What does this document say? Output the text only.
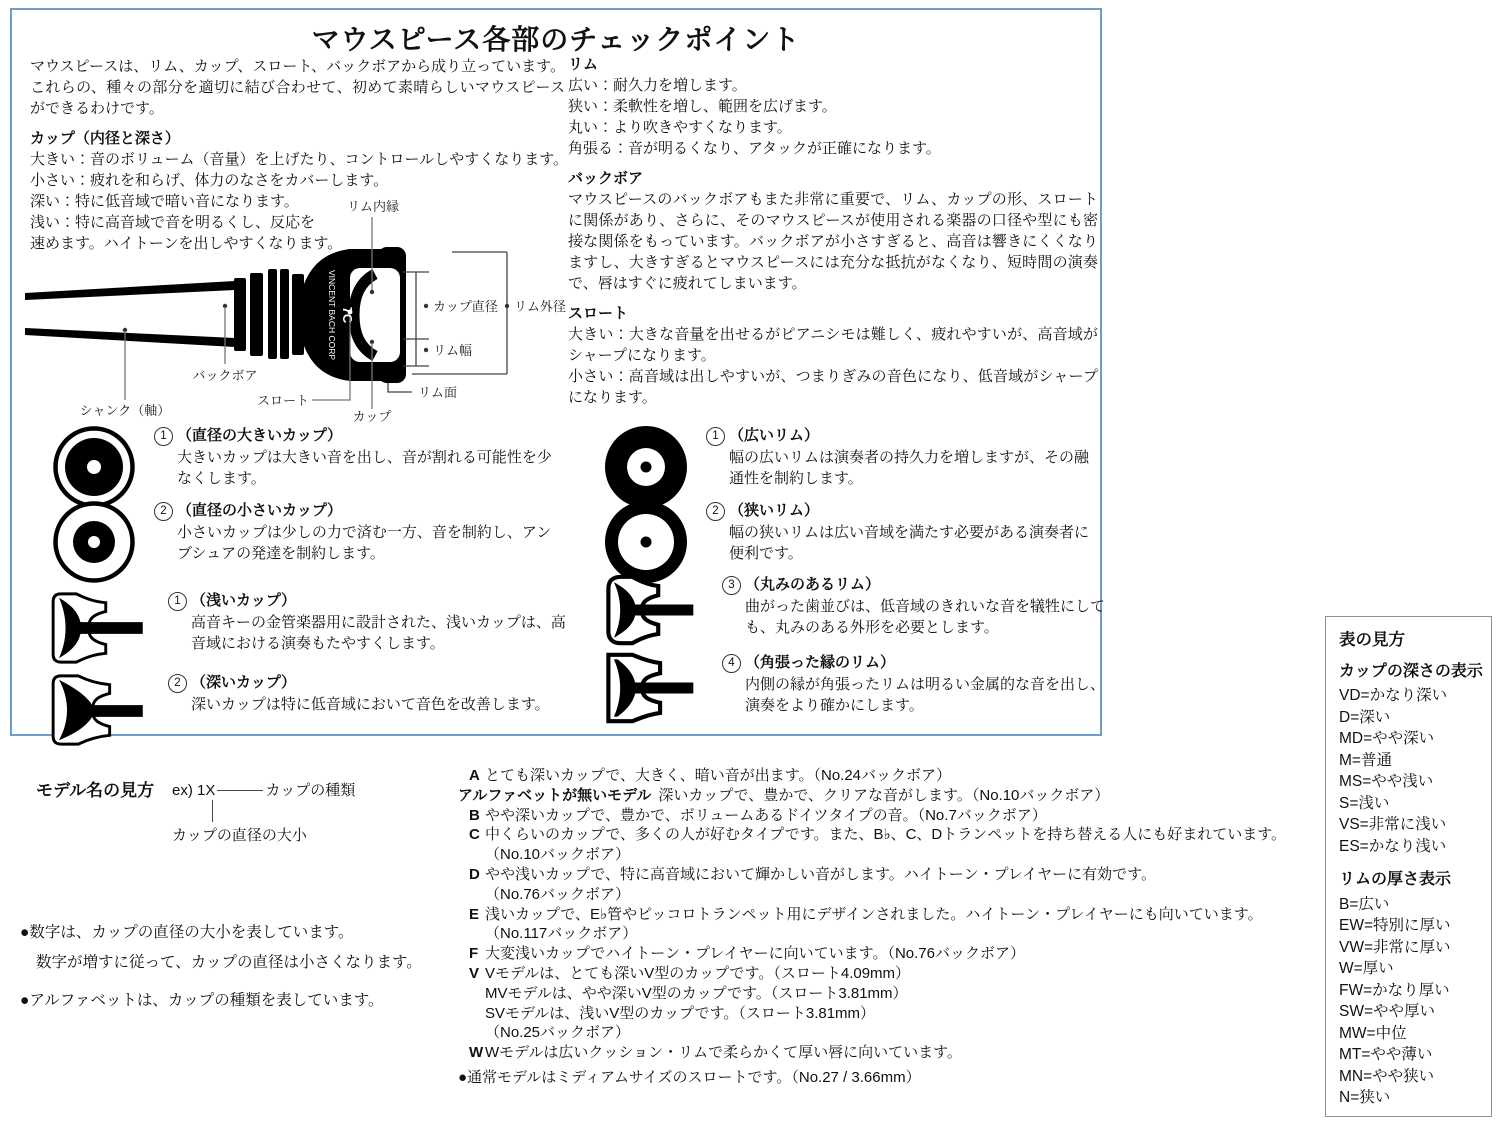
マウスピース各部のチェックポイント
マウスピースは、リム、カップ、スロート、バックボアから成り立っています。これらの、種々の部分を適切に結び合わせて、初めて素晴らしいマウスピースができるわけです。
カップ（内径と深さ）
大きい：音のボリューム（音量）を上げたり、コントロールしやすくなります。
小さい：疲れを和らげ、体力のなさをカバーします。
深い：特に低音域で暗い音になります。
浅い：特に高音域で音を明るくし、反応を
速めます。ハイトーンを出しやすくなります。
リム
広い：耐久力を増します。
狭い：柔軟性を増し、範囲を広げます。
丸い：より吹きやすくなります。
角張る：音が明るくなり、アタックが正確になります。
バックボア
マウスピースのバックボアもまた非常に重要で、リム、カップの形、スロートに関係があり、さらに、そのマウスピースが使用される楽器の口径や型にも密接な関係をもっています。バックボアが小さすぎると、高音は響きにくくなりますし、大きすぎるとマウスピースには充分な抵抗がなくなり、短時間の演奏で、唇はすぐに疲れてしまいます。
スロート
大きい：大きな音量を出せるがピアニシモは難しく、疲れやすいが、高音域がシャープになります。
小さい：高音域は出しやすいが、つまりぎみの音色になり、低音域がシャープになります。
VINCENT BACH CORP 7C
リム内縁
カップ直径
リム幅
リム外径
リム面
バックボア
シャンク（軸）
スロート
カップ
1 （直径の大きいカップ）
大きいカップは大きい音を出し、音が割れる可能性を少なくします。
2 （直径の小さいカップ）
小さいカップは少しの力で済む一方、音を制約し、アンブシュアの発達を制約します。
1 （浅いカップ）
高音キーの金管楽器用に設計された、浅いカップは、高音域における演奏もたやすくします。
2 （深いカップ）
深いカップは特に低音域において音色を改善します。
1 （広いリム）
幅の広いリムは演奏者の持久力を増しますが、その融通性を制約します。
2 （狭いリム）
幅の狭いリムは広い音域を満たす必要がある演奏者に便利です。
3 （丸みのあるリム）
曲がった歯並びは、低音域のきれいな音を犠牲にしても、丸みのある外形を必要とします。
4 （角張った縁のリム）
内側の縁が角張ったリムは明るい金属的な音を出し、演奏をより確かにします。
モデル名の見方 ex) 1X	カップの種類
カップの直径の大小
●数字は、カップの直径の大小を表しています。
数字が増すに従って、カップの直径は小さくなります。
●アルファベットは、カップの種類を表しています。
A とても深いカップで、大きく、暗い音が出ます。（No.24バックボア）
アルファベットが無いモデル 深いカップで、豊かで、クリアな音がします。（No.10バックボア）
B やや深いカップで、豊かで、ボリュームあるドイツタイプの音。（No.7バックボア）
C 中くらいのカップで、多くの人が好むタイプです。また、B♭、C、Dトランペットを持ち替える人にも好まれています。
（No.10バックボア）
D やや浅いカップで、特に高音域において輝かしい音がします。ハイトーン・プレイヤーに有効です。
（No.76バックボア）
E 浅いカップで、E♭管やピッコロトランペット用にデザインされました。ハイトーン・プレイヤーにも向いています。
（No.117バックボア）
F 大変浅いカップでハイトーン・プレイヤーに向いています。（No.76バックボア）
V Vモデルは、とても深いV型のカップです。（スロート4.09mm）
MVモデルは、やや深いV型のカップです。（スロート3.81mm）
SVモデルは、浅いV型のカップです。（スロート3.81mm）
（No.25バックボア）
W Wモデルは広いクッション・リムで柔らかくて厚い唇に向いています。
●通常モデルはミディアムサイズのスロートです。（No.27 / 3.66mm）
表の見方
カップの深さの表示
VD=かなり深い
D=深い
MD=やや深い
M=普通
MS=やや浅い
S=浅い
VS=非常に浅い
ES=かなり浅い
リムの厚さ表示
B=広い
EW=特別に厚い
VW=非常に厚い
W=厚い
FW=かなり厚い
SW=やや厚い
MW=中位
MT=やや薄い
MN=やや狭い
N=狭い
